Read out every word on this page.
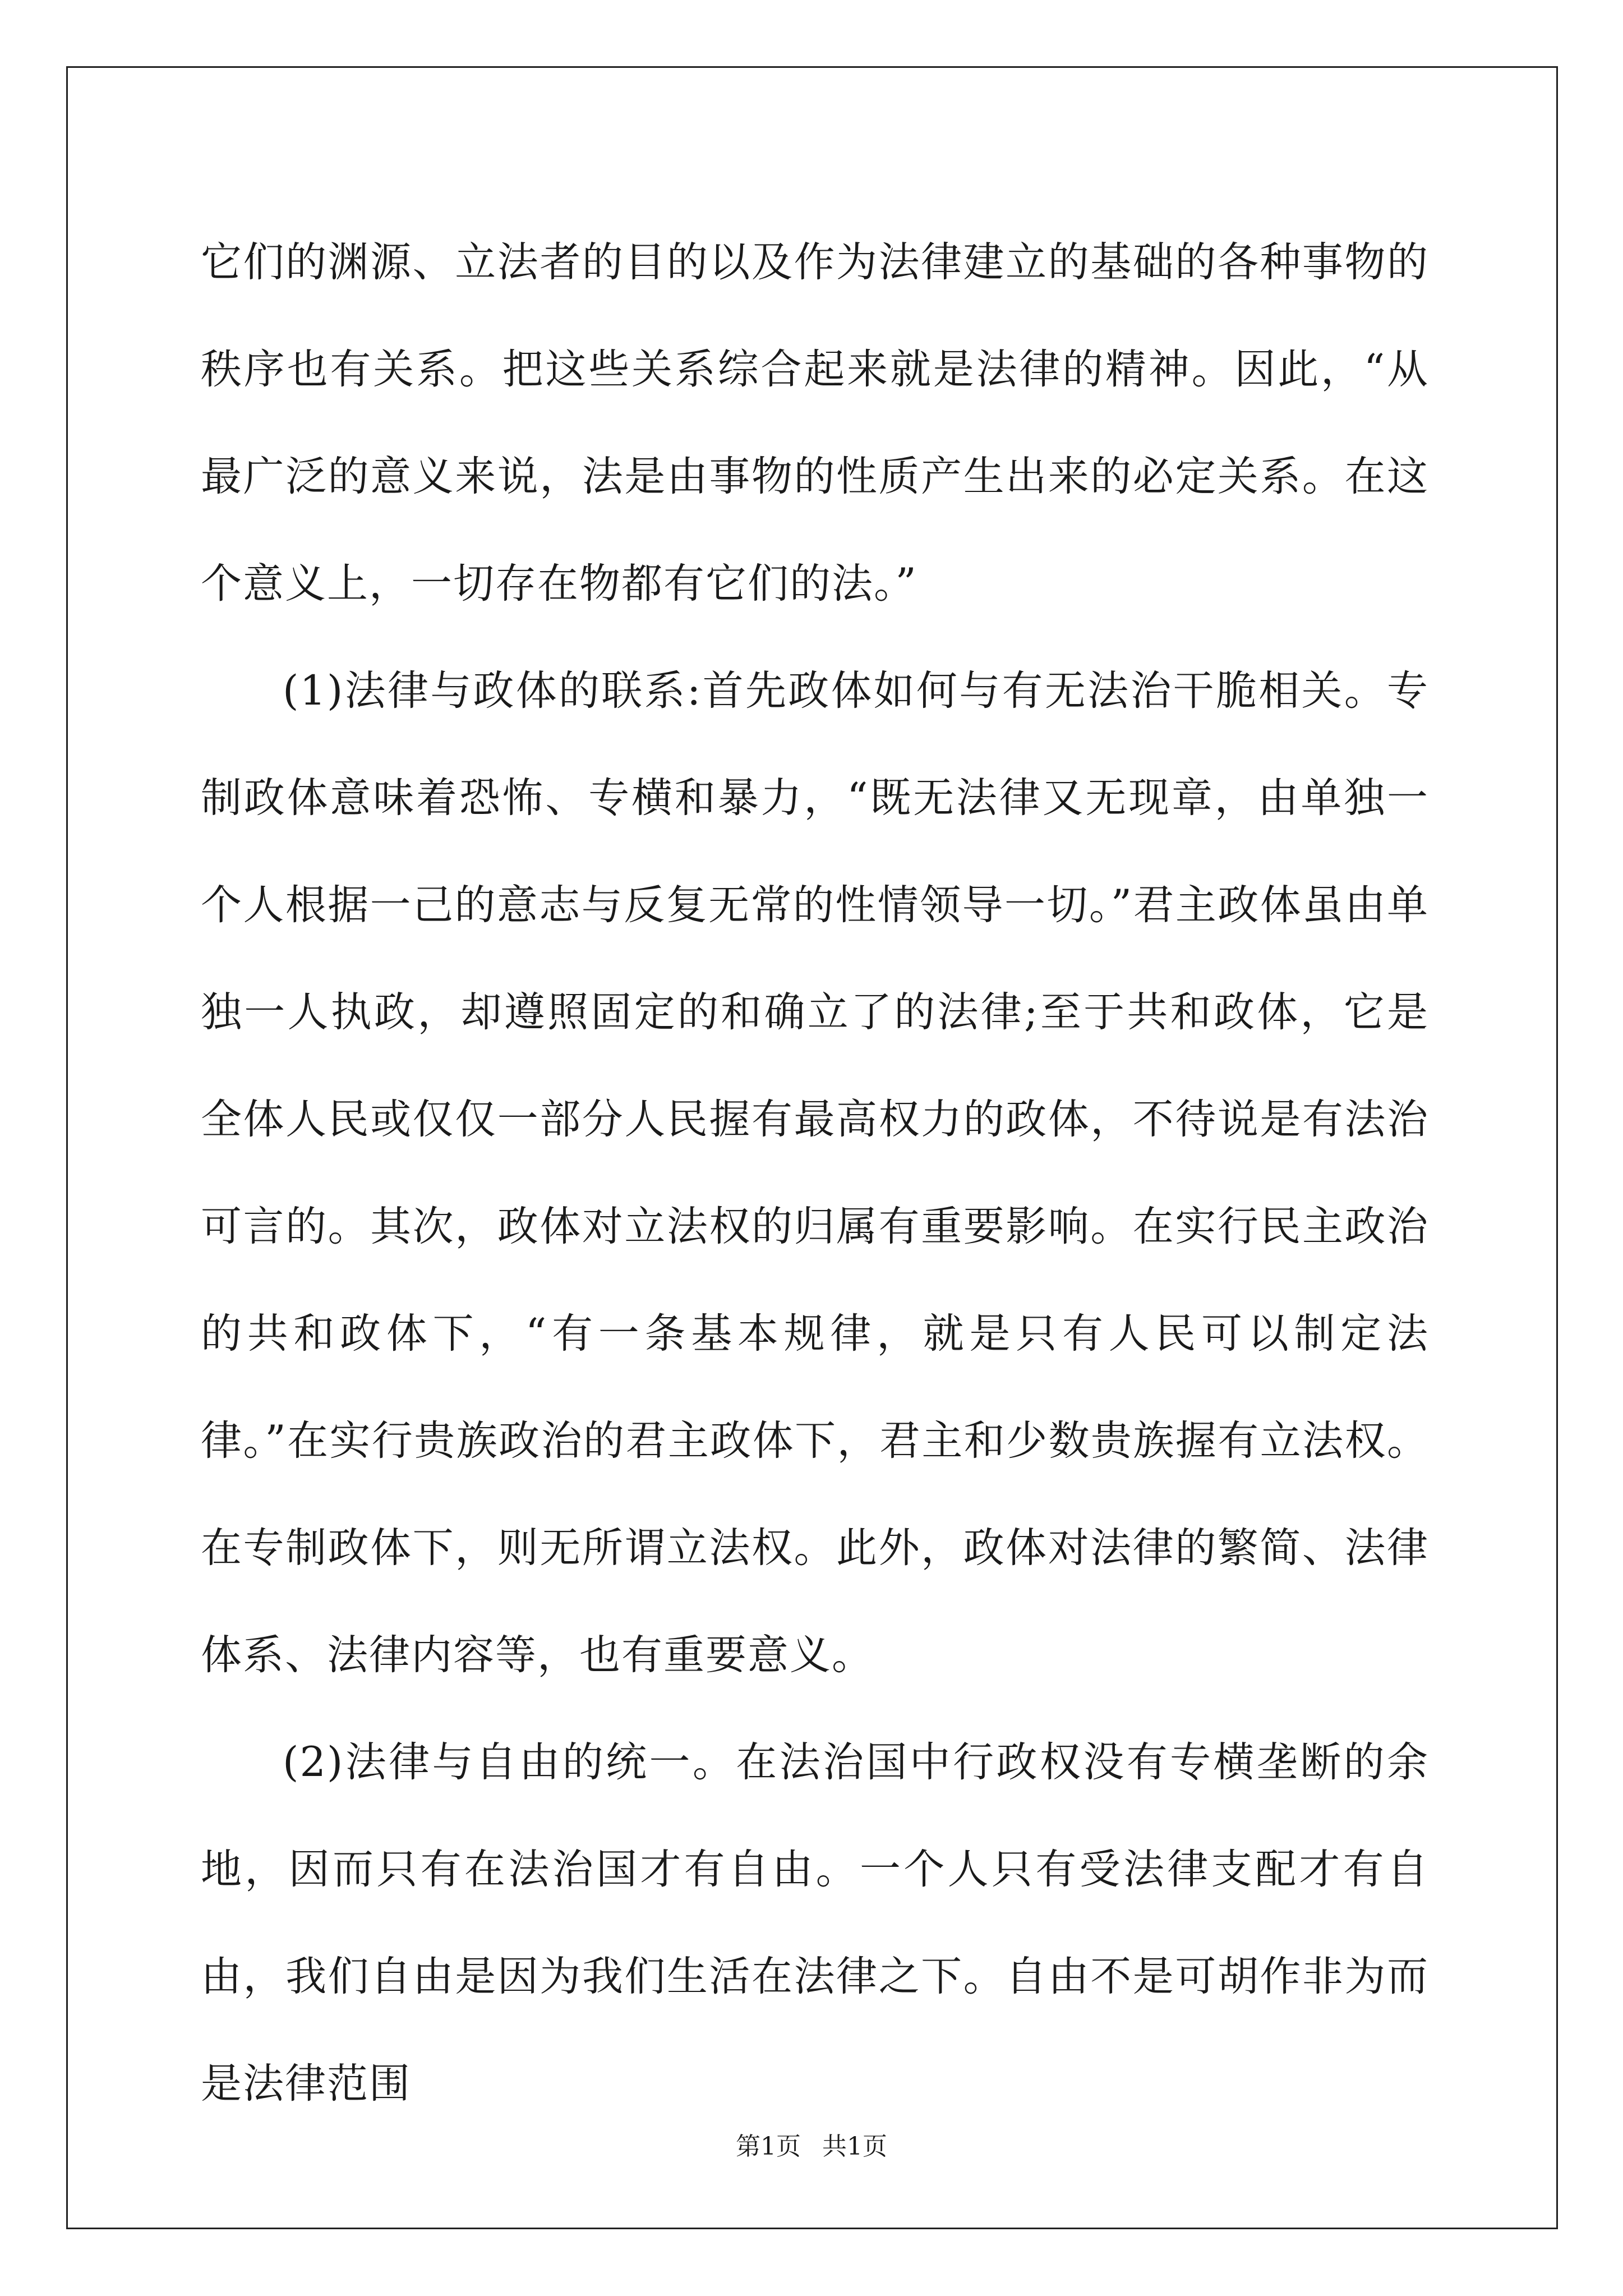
它们的渊源、立法者的目的以及作为法律建立的基础的各种事物的秩序也有关系。把这些关系综合起来就是法律的精神。因此，“从最广泛的意义来说，法是由事物的性质产生出来的必定关系。在这个意义上，一切存在物都有它们的法。”

(1)法律与政体的联系:首先政体如何与有无法治干脆相关。专制政体意味着恐怖、专横和暴力，“既无法律又无现章，由单独一个人根据一己的意志与反复无常的性情领导一切。”君主政体虽由单独一人执政，却遵照固定的和确立了的法律;至于共和政体，它是全体人民或仅仅一部分人民握有最高权力的政体，不待说是有法治可言的。其次，政体对立法权的归属有重要影响。在实行民主政治的共和政体下，“有一条基本规律，就是只有人民可以制定法律。”在实行贵族政治的君主政体下，君主和少数贵族握有立法权。在专制政体下，则无所谓立法权。此外，政体对法律的繁简、法律体系、法律内容等，也有重要意义。

(2)法律与自由的统一。在法治国中行政权没有专横垄断的余地，因而只有在法治国才有自由。一个人只有受法律支配才有自由，我们自由是因为我们生活在法律之下。自由不是可胡作非为而是法律范围

第1页 共1页
